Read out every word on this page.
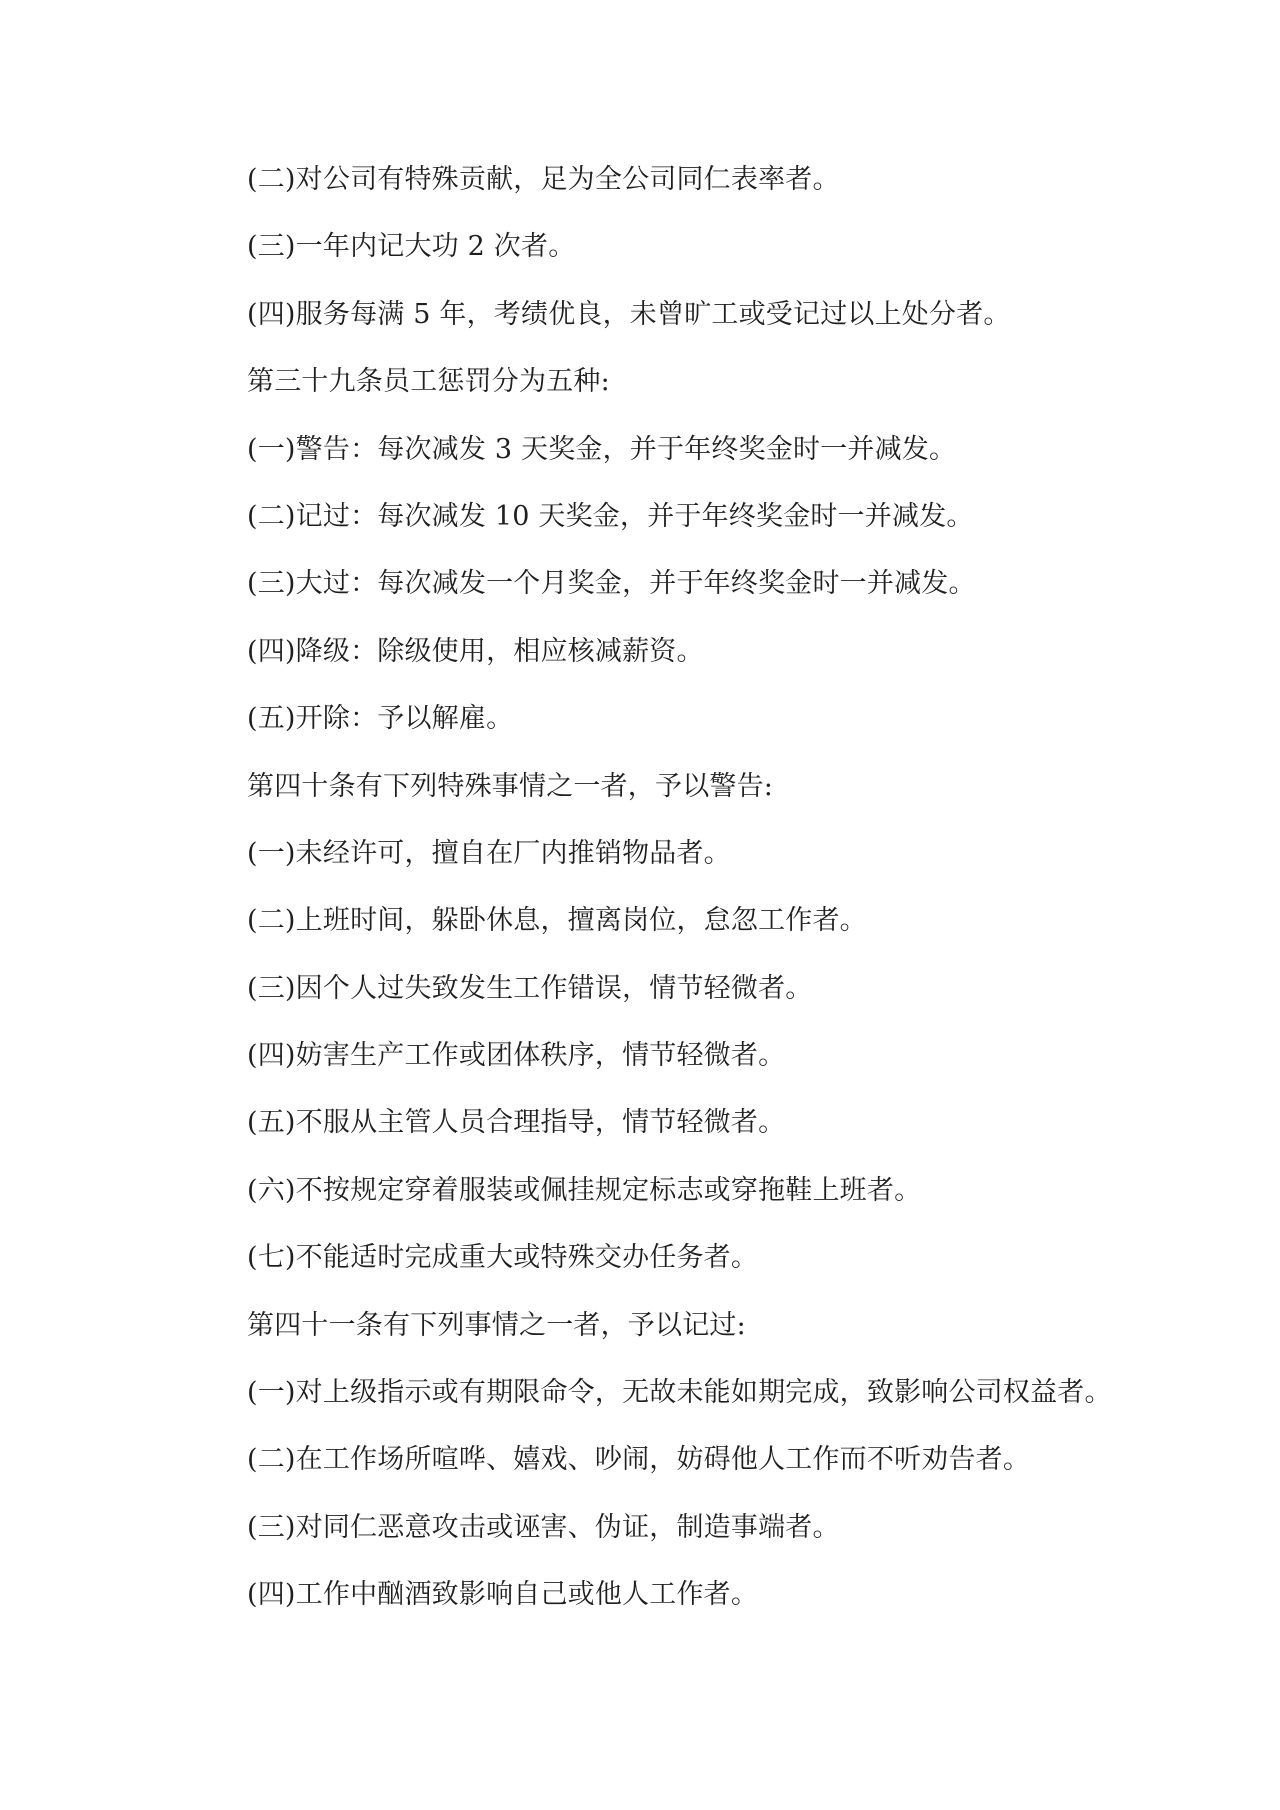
(二)对公司有特殊贡献，足为全公司同仁表率者。

(三)一年内记大功 2 次者。

(四)服务每满 5 年，考绩优良，未曾旷工或受记过以上处分者。

第三十九条员工惩罚分为五种:

(一)警告：每次减发 3 天奖金，并于年终奖金时一并减发。

(二)记过：每次减发 10 天奖金，并于年终奖金时一并减发。

(三)大过：每次减发一个月奖金，并于年终奖金时一并减发。

(四)降级：除级使用，相应核减薪资。

(五)开除：予以解雇。

第四十条有下列特殊事情之一者，予以警告:

(一)未经许可，擅自在厂内推销物品者。

(二)上班时间，躲卧休息，擅离岗位，怠忽工作者。

(三)因个人过失致发生工作错误，情节轻微者。

(四)妨害生产工作或团体秩序，情节轻微者。

(五)不服从主管人员合理指导，情节轻微者。

(六)不按规定穿着服装或佩挂规定标志或穿拖鞋上班者。

(七)不能适时完成重大或特殊交办任务者。

第四十一条有下列事情之一者，予以记过:

(一)对上级指示或有期限命令，无故未能如期完成，致影响公司权益者。

(二)在工作场所喧哗、嬉戏、吵闹，妨碍他人工作而不听劝告者。

(三)对同仁恶意攻击或诬害、伪证，制造事端者。

(四)工作中酗酒致影响自己或他人工作者。
